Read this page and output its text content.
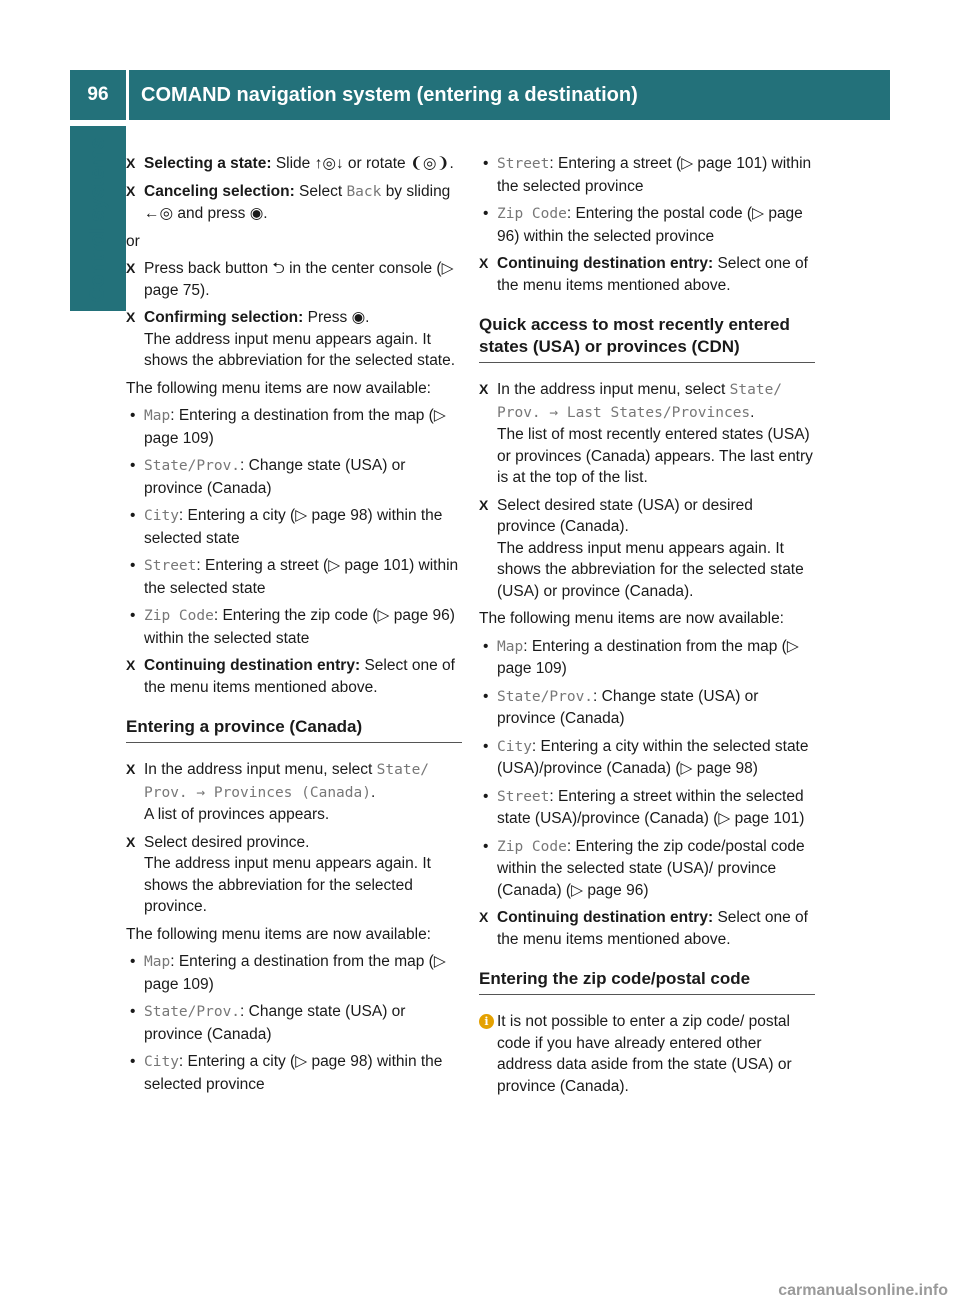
96	COMAND navigation system (entering a destination)
Control systems X Selecting a state: Slide ↑◎↓ or rotate ❨◎❩.
X Canceling selection: Select Back by sliding ←◎ and press ◉.
or
X Press back button ⮌ in the center console (▷ page 75).
X Confirming selection: Press ◉.
The address input menu appears again. It shows the abbreviation for the selected state.
The following menu items are now available:
• Map: Entering a destination from the map (▷ page 109)
• State/Prov.: Change state (USA) or province (Canada)
• City: Entering a city (▷ page 98) within the selected state
• Street: Entering a street (▷ page 101) within the selected state
• Zip Code: Entering the zip code (▷ page 96) within the selected state
X Continuing destination entry: Select one of the menu items mentioned above.
Entering a province (Canada)
X In the address input menu, select State/ Prov. → Provinces (Canada).
A list of provinces appears.
X Select desired province.
The address input menu appears again. It shows the abbreviation for the selected province.
The following menu items are now available:
• Map: Entering a destination from the map (▷ page 109)
• State/Prov.: Change state (USA) or province (Canada)
• City: Entering a city (▷ page 98) within the selected province
• Street: Entering a street (▷ page 101) within the selected province
• Zip Code: Entering the postal code (▷ page 96) within the selected province
X Continuing destination entry: Select one of the menu items mentioned above.
Quick access to most recently entered states (USA) or provinces (CDN)
X In the address input menu, select State/ Prov. → Last States/Provinces.
The list of most recently entered states (USA) or provinces (Canada) appears. The last entry is at the top of the list.
X Select desired state (USA) or desired province (Canada).
The address input menu appears again. It shows the abbreviation for the selected state (USA) or province (Canada).
The following menu items are now available:
• Map: Entering a destination from the map (▷ page 109)
• State/Prov.: Change state (USA) or province (Canada)
• City: Entering a city within the selected state (USA)/province (Canada) (▷ page 98)
• Street: Entering a street within the selected state (USA)/province (Canada) (▷ page 101)
• Zip Code: Entering the zip code/postal code within the selected state (USA)/ province (Canada) (▷ page 96)
X Continuing destination entry: Select one of the menu items mentioned above.
Entering the zip code/postal code
i It is not possible to enter a zip code/ postal code if you have already entered other address data aside from the state (USA) or province (Canada).
carmanualsonline.info
